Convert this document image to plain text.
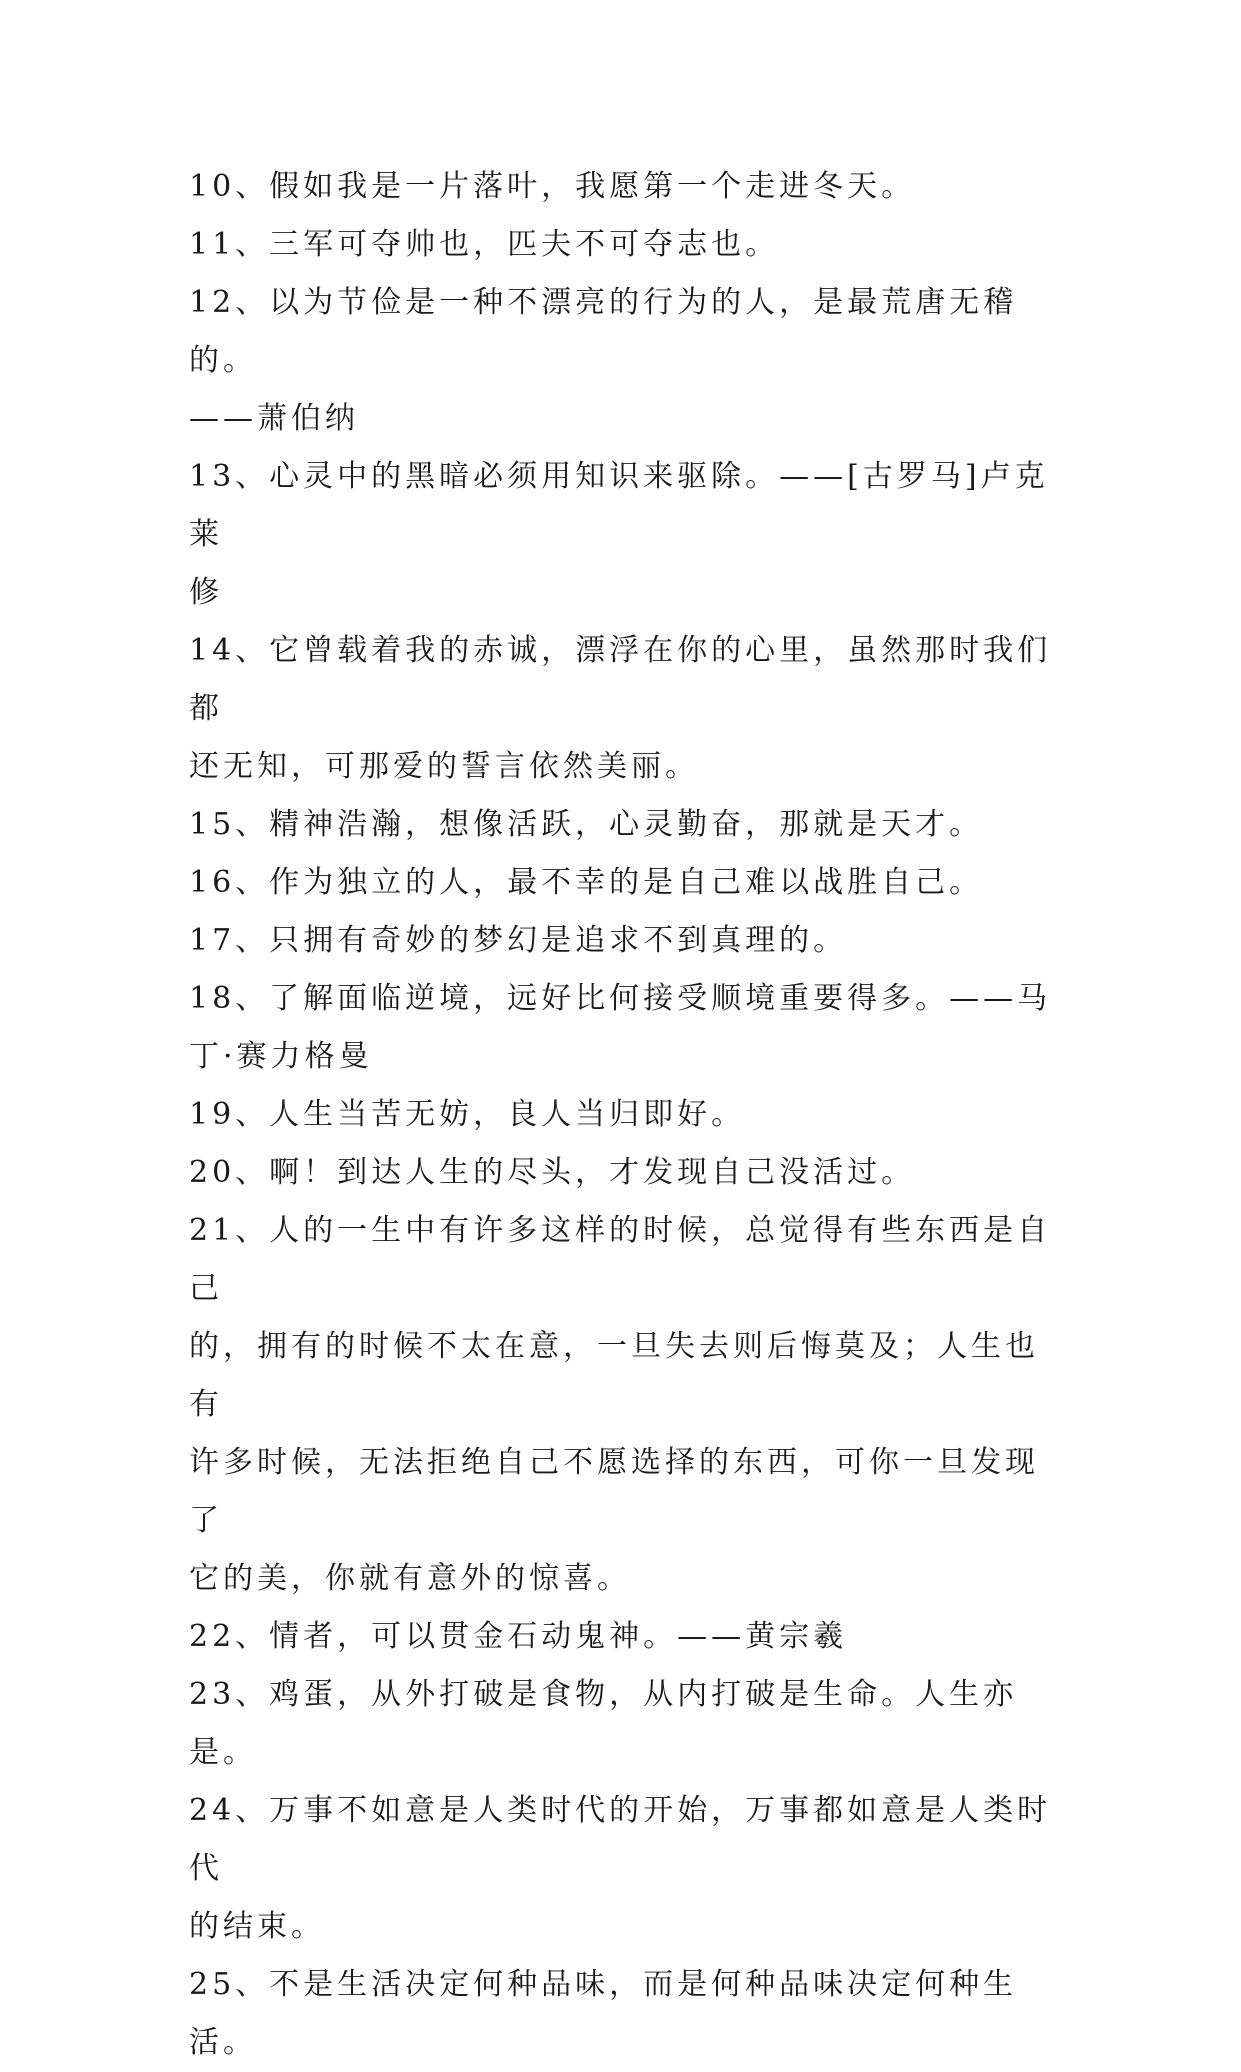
10、假如我是一片落叶，我愿第一个走进冬天。

11、三军可夺帅也，匹夫不可夺志也。

12、以为节俭是一种不漂亮的行为的人，是最荒唐无稽的。

——萧伯纳

13、心灵中的黑暗必须用知识来驱除。——[古罗马]卢克莱

修

14、它曾载着我的赤诚，漂浮在你的心里，虽然那时我们都

还无知，可那爱的誓言依然美丽。

15、精神浩瀚，想像活跃，心灵勤奋，那就是天才。

16、作为独立的人，最不幸的是自己难以战胜自己。

17、只拥有奇妙的梦幻是追求不到真理的。

18、了解面临逆境，远好比何接受顺境重要得多。——马

丁·赛力格曼

19、人生当苦无妨，良人当归即好。

20、啊！到达人生的尽头，才发现自己没活过。

21、人的一生中有许多这样的时候，总觉得有些东西是自己

的，拥有的时候不太在意，一旦失去则后悔莫及；人生也有

许多时候，无法拒绝自己不愿选择的东西，可你一旦发现了

它的美，你就有意外的惊喜。

22、情者，可以贯金石动鬼神。——黄宗羲

23、鸡蛋，从外打破是食物，从内打破是生命。人生亦是。

24、万事不如意是人类时代的开始，万事都如意是人类时代

的结束。

25、不是生活决定何种品味，而是何种品味决定何种生活。
